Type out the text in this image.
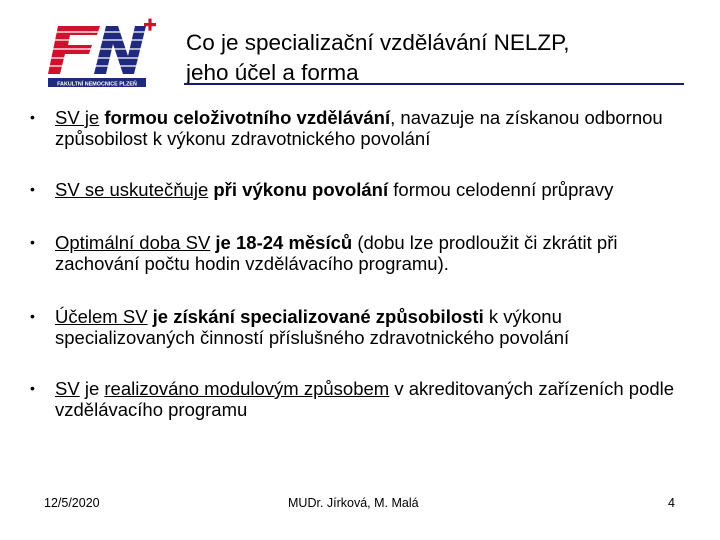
FAKULTNÍ NEMOCNICE PLZEŇ
Co je specializační vzdělávání NELZP,
jeho účel a forma
•	SV je formou celoživotního vzdělávání, navazuje na získanou odbornou způsobilost k výkonu zdravotnického povolání
•	SV se uskutečňuje při výkonu povolání formou celodenní průpravy
•	Optimální doba SV je 18-24 měsíců (dobu lze prodloužit či zkrátit při zachování počtu hodin vzdělávacího programu).
•	Účelem SV je získání specializované způsobilosti k výkonu specializovaných činností příslušného zdravotnického povolání
•	SV je realizováno modulovým způsobem v akreditovaných zařízeních podle vzdělávacího programu
12/5/2020	MUDr. Jírková, M. Malá	4
